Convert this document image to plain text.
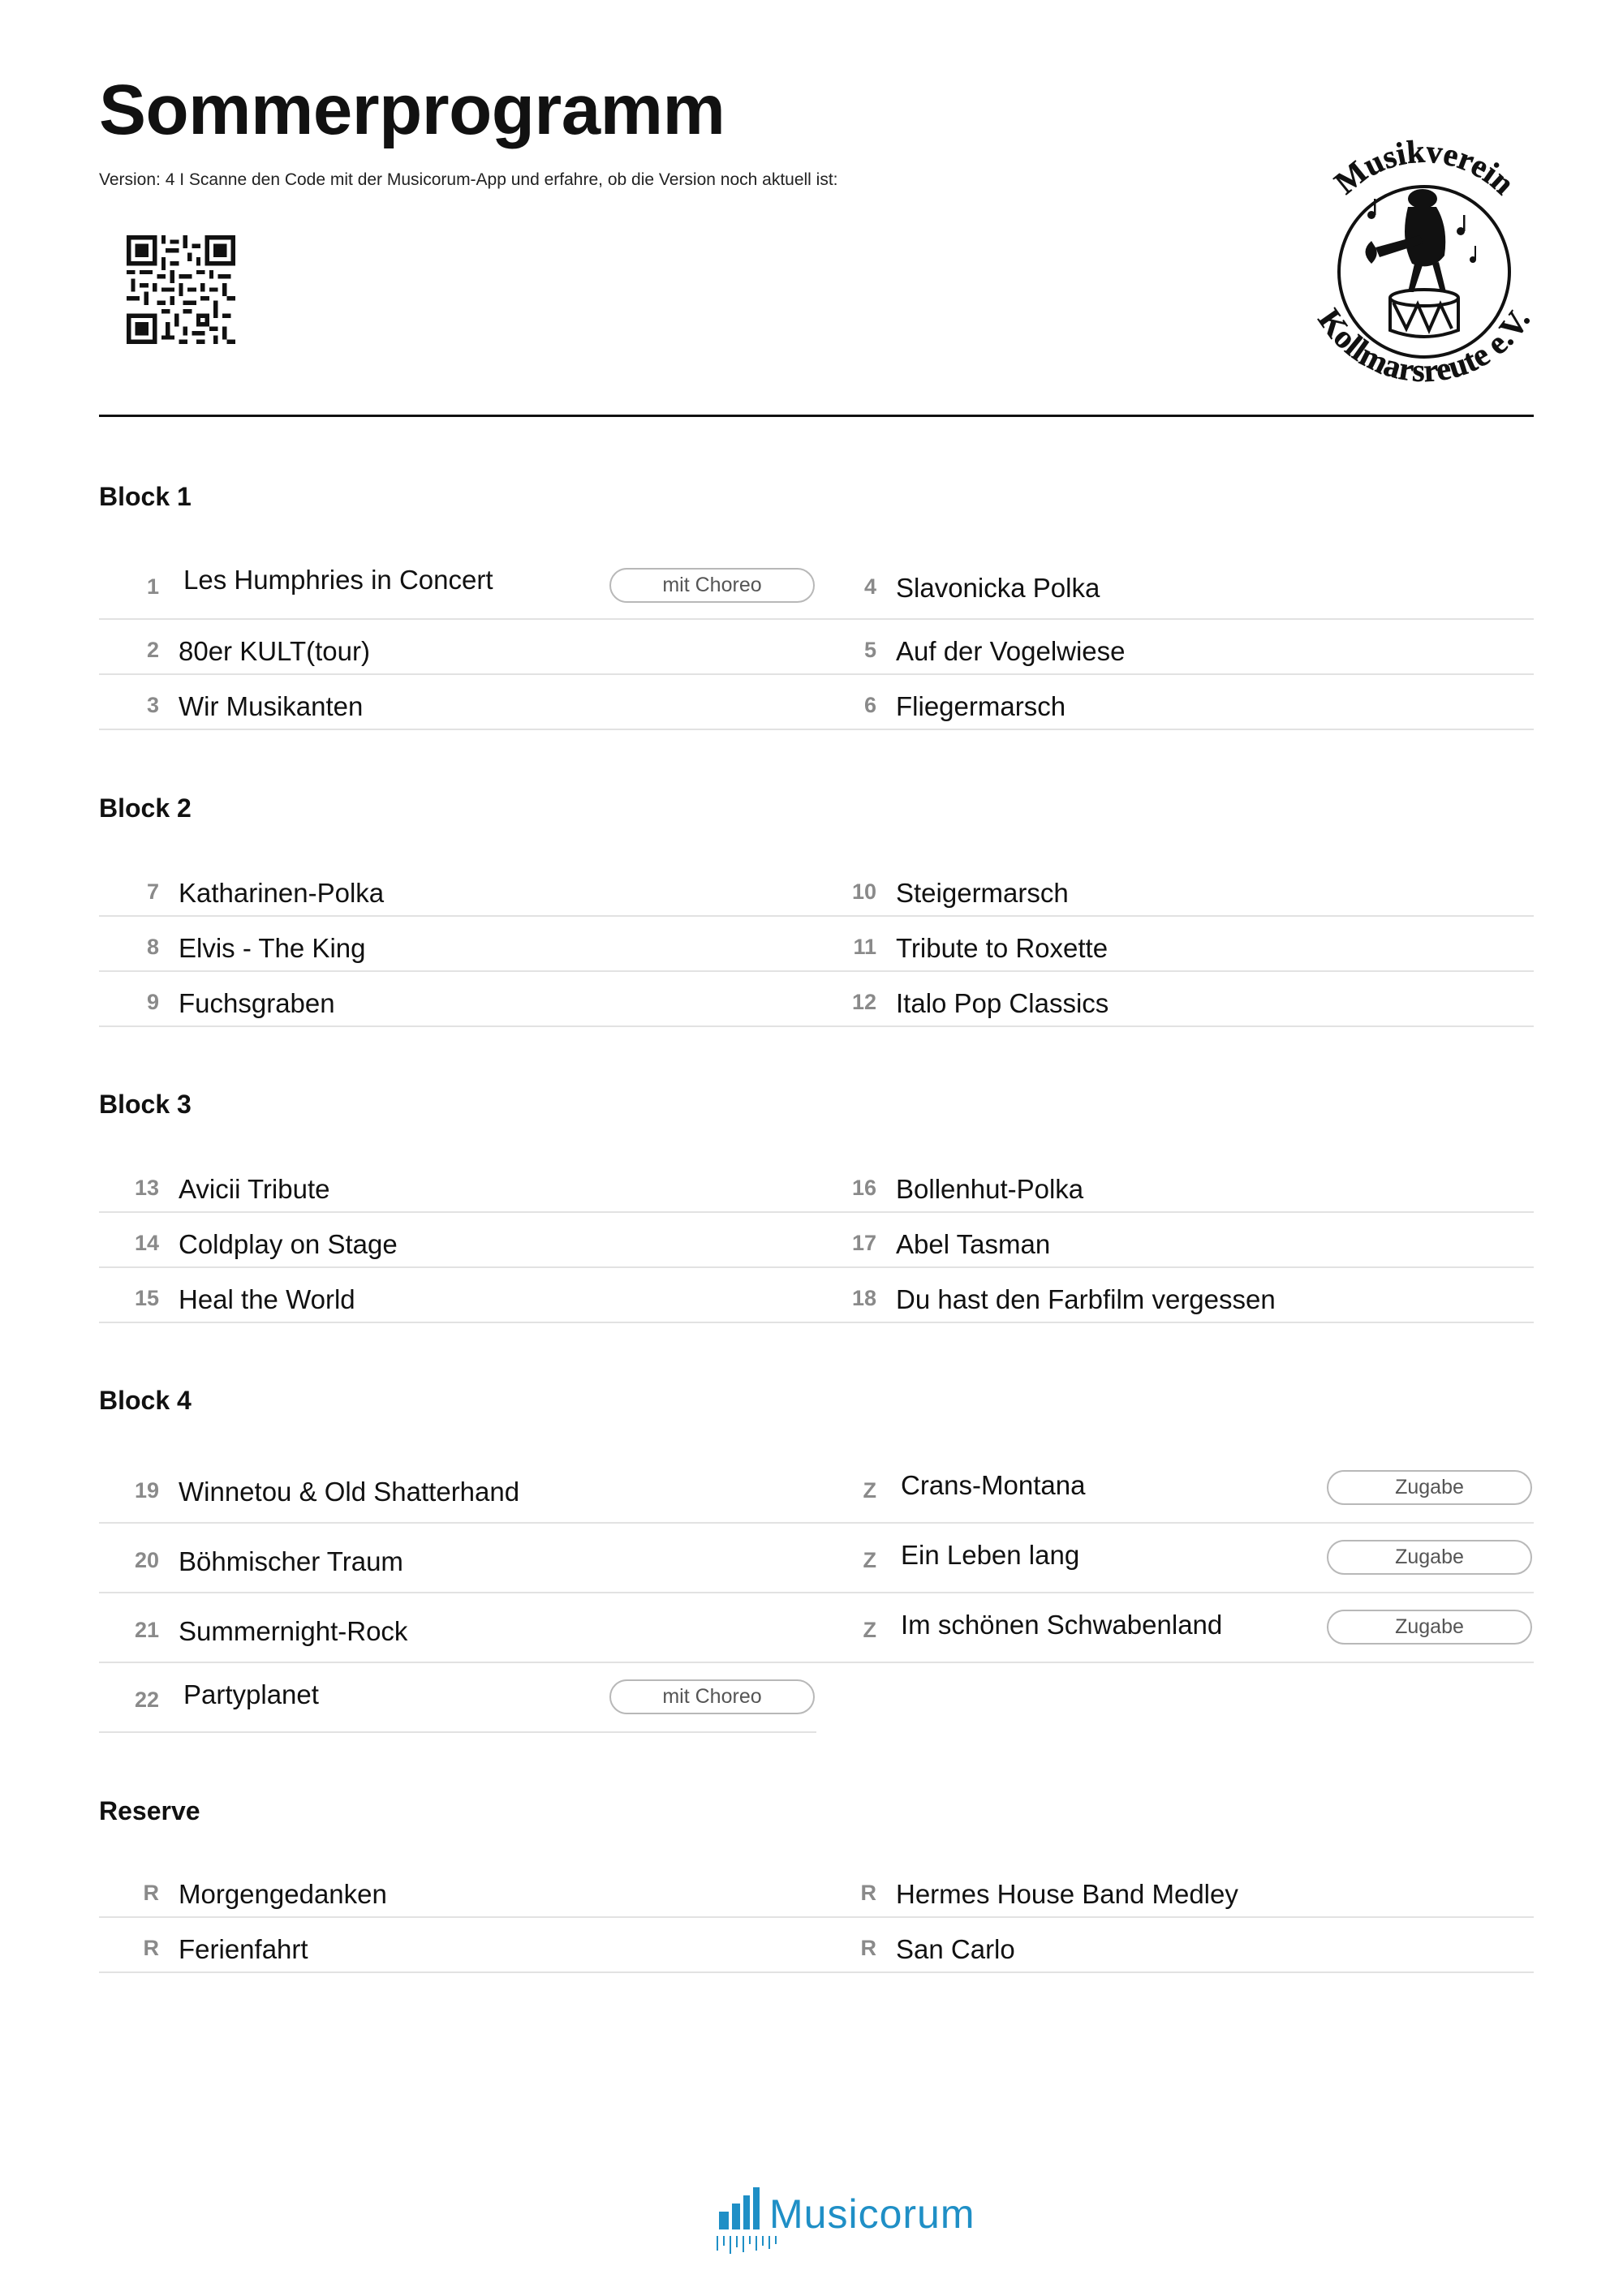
Sommerprogramm
Version: 4 I Scanne den Code mit der Musicorum-App und erfahre, ob die Version noch aktuell ist:	Musikverein
Kollmarsreute e.V.
Block 1
1 Les Humphries in Concert	mit Choreo
2 80er KULT(tour)
3 Wir Musikanten
4 Slavonicka Polka
5 Auf der Vogelwiese
6 Fliegermarsch
Block 2
7 Katharinen-Polka
8 Elvis - The King
9 Fuchsgraben
10 Steigermarsch
11 Tribute to Roxette
12 Italo Pop Classics
Block 3
13 Avicii Tribute
14 Coldplay on Stage
15 Heal the World
16 Bollenhut-Polka
17 Abel Tasman
18 Du hast den Farbfilm vergessen
Block 4
19 Winnetou & Old Shatterhand
20 Böhmischer Traum
21 Summernight-Rock
22 Partyplanet	mit Choreo
Z Crans-Montana	Zugabe
Z Ein Leben lang	Zugabe
Z Im schönen Schwabenland	Zugabe
Reserve
R Morgengedanken
R Ferienfahrt
R Hermes House Band Medley
R San Carlo
Musicorum
